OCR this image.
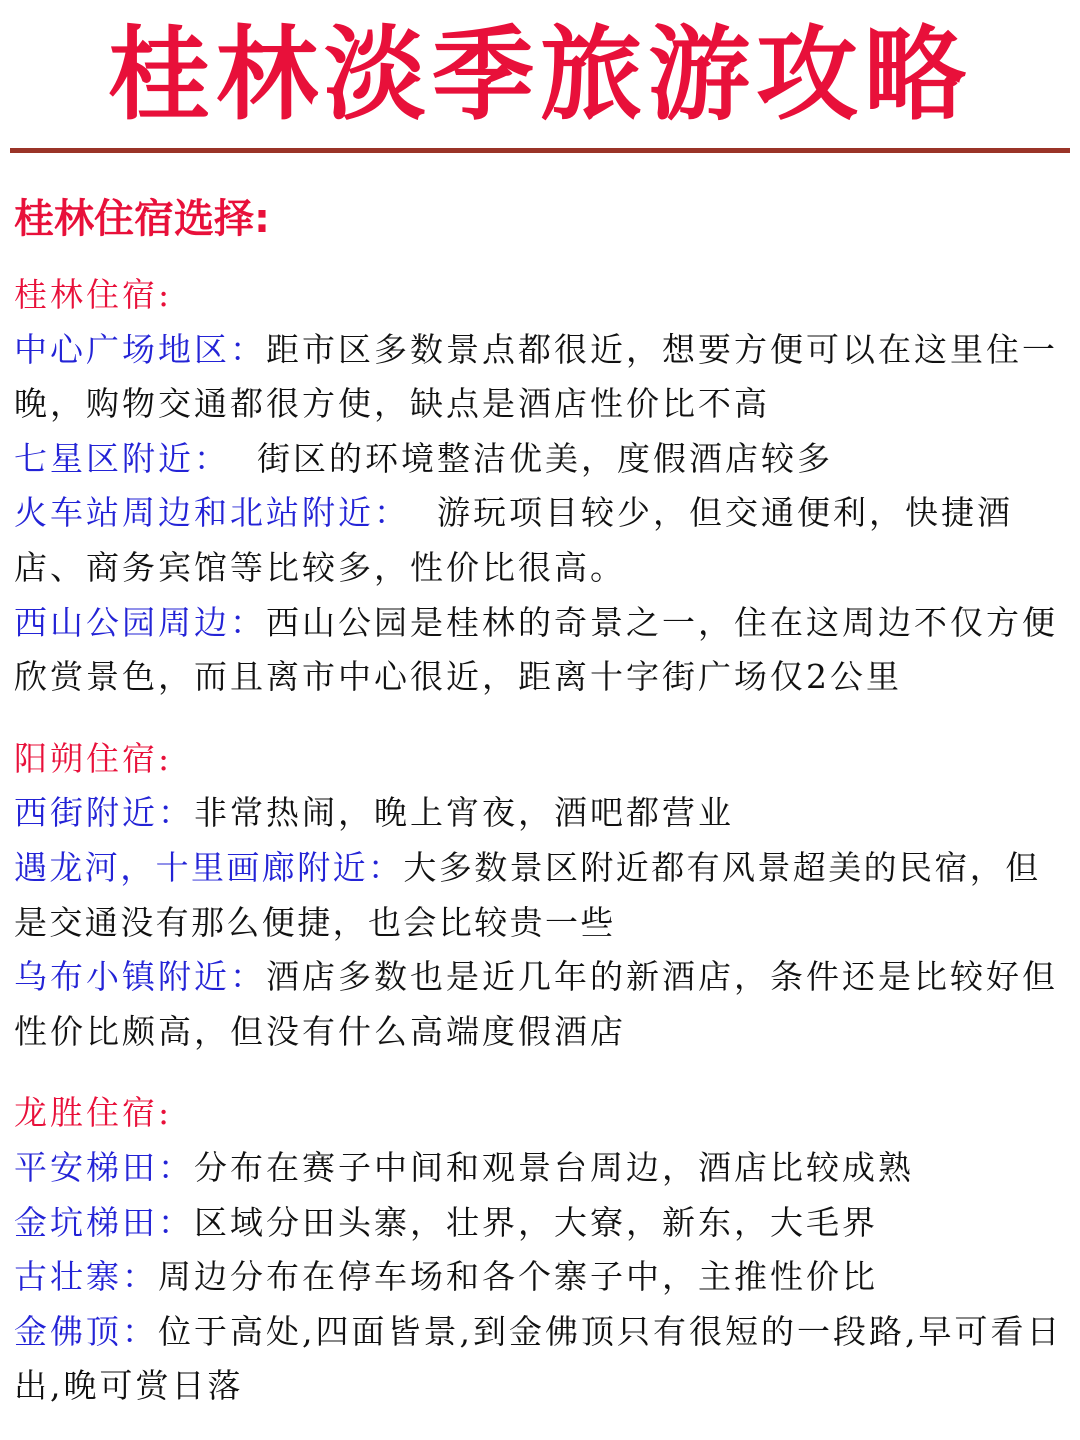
桂林淡季旅游攻略
桂林住宿选择:
桂林住宿:
中心广场地区：距市区多数景点都很近，想要方便可以在这里住一晚，购物交通都很方使，缺点是酒店性价比不高
七星区附近：  街区的环境整洁优美，度假酒店较多
火车站周边和北站附近：  游玩项目较少，但交通便利，快捷酒店、商务宾馆等比较多，性价比很高。
西山公园周边：西山公园是桂林的奇景之一，住在这周边不仅方便欣赏景色，而且离市中心很近，距离十字街广场仅2公里
阳朔住宿:
西街附近：非常热闹，晚上宵夜，酒吧都营业
遇龙河，十里画廊附近：大多数景区附近都有风景超美的民宿，但是交通没有那么便捷，也会比较贵一些
乌布小镇附近：酒店多数也是近几年的新酒店，条件还是比较好但性价比颇高，但没有什么高端度假酒店
龙胜住宿:
平安梯田：分布在赛子中间和观景台周边，酒店比较成熟
金坑梯田：区域分田头寨，壮界，大寮，新东，大毛界
古壮寨：周边分布在停车场和各个寨子中，主推性价比
金佛顶：位于高处,四面皆景,到金佛顶只有很短的一段路,早可看日出,晚可赏日落
